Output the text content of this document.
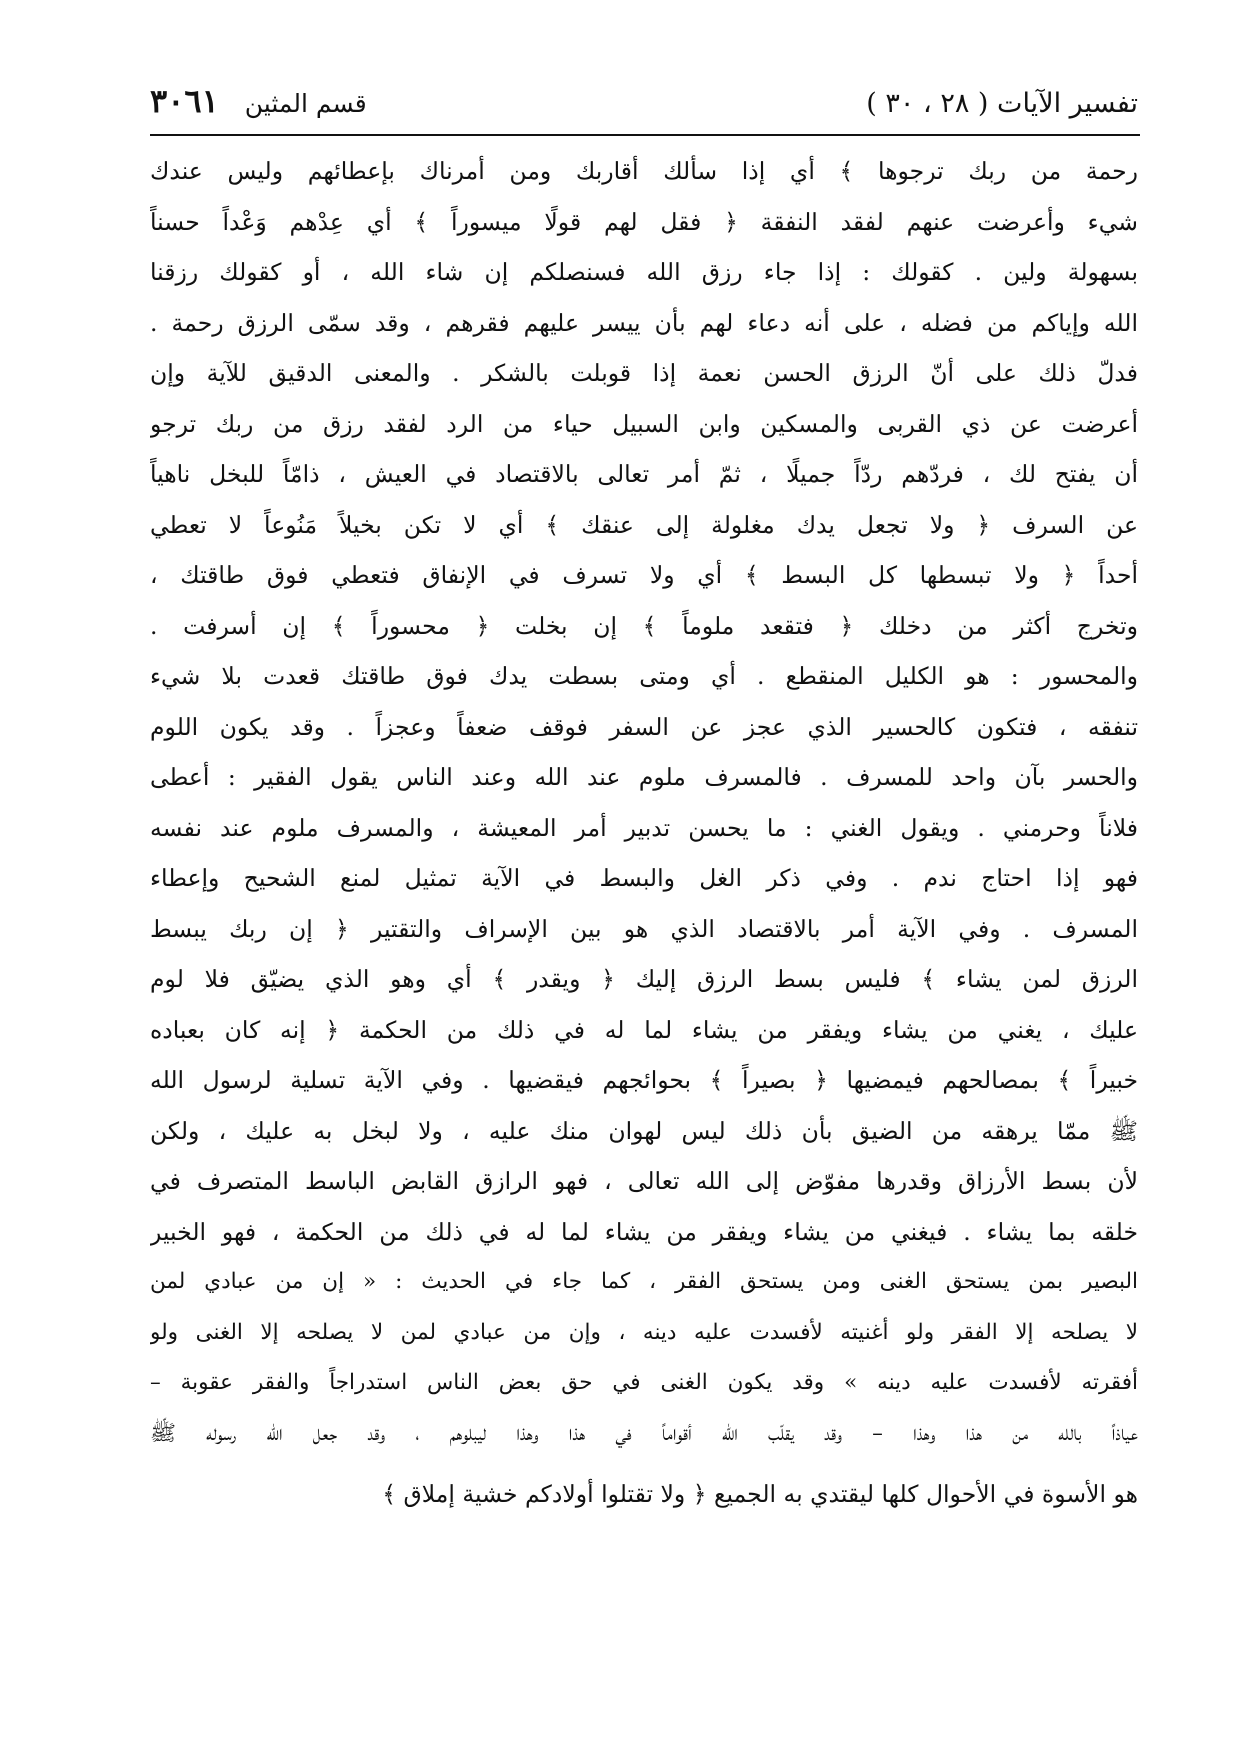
تفسير الآيات ( ٢٨ ، ٣٠ )
قسم المثين
٣٠٦١
رحمة من ربك ترجوها ﴾ أي إذا سألك أقاربك ومن أمرناك بإعطائهم وليس عندك
شيء وأعرضت عنهم لفقد النفقة ﴿ فقل لهم قولًا ميسوراً ﴾ أي عِدْهم وَعْداً حسناً
بسهولة ولين . كقولك : إذا جاء رزق الله فسنصلكم إن شاء الله ، أو كقولك رزقنا
الله وإياكم من فضله ، على أنه دعاء لهم بأن ييسر عليهم فقرهم ، وقد سمّى الرزق رحمة .
فدلّ ذلك على أنّ الرزق الحسن نعمة إذا قوبلت بالشكر . والمعنى الدقيق للآية وإن
أعرضت عن ذي القربى والمسكين وابن السبيل حياء من الرد لفقد رزق من ربك ترجو
أن يفتح لك ، فردّهم ردّاً جميلًا ، ثمّ أمر تعالى بالاقتصاد في العيش ، ذامّاً للبخل ناهياً
عن السرف ﴿ ولا تجعل يدك مغلولة إلى عنقك ﴾ أي لا تكن بخيلاً مَنُوعاً لا تعطي
أحداً ﴿ ولا تبسطها كل البسط ﴾ أي ولا تسرف في الإنفاق فتعطي فوق طاقتك ،
وتخرج أكثر من دخلك ﴿ فتقعد ملوماً ﴾ إن بخلت ﴿ محسوراً ﴾ إن أسرفت .
والمحسور : هو الكليل المنقطع . أي ومتى بسطت يدك فوق طاقتك قعدت بلا شيء
تنفقه ، فتكون كالحسير الذي عجز عن السفر فوقف ضعفاً وعجزاً . وقد يكون اللوم
والحسر بآن واحد للمسرف . فالمسرف ملوم عند الله وعند الناس يقول الفقير : أعطى
فلاناً وحرمني . ويقول الغني : ما يحسن تدبير أمر المعيشة ، والمسرف ملوم عند نفسه
فهو إذا احتاج ندم . وفي ذكر الغل والبسط في الآية تمثيل لمنع الشحيح وإعطاء
المسرف . وفي الآية أمر بالاقتصاد الذي هو بين الإسراف والتقتير ﴿ إن ربك يبسط
الرزق لمن يشاء ﴾ فليس بسط الرزق إليك ﴿ ويقدر ﴾ أي وهو الذي يضيّق فلا لوم
عليك ، يغني من يشاء ويفقر من يشاء لما له في ذلك من الحكمة ﴿ إنه كان بعباده
خبيراً ﴾ بمصالحهم فيمضيها ﴿ بصيراً ﴾ بحوائجهم فيقضيها . وفي الآية تسلية لرسول الله
ﷺ ممّا يرهقه من الضيق بأن ذلك ليس لهوان منك عليه ، ولا لبخل به عليك ، ولكن
لأن بسط الأرزاق وقدرها مفوّض إلى الله تعالى ، فهو الرازق القابض الباسط المتصرف في
خلقه بما يشاء . فيغني من يشاء ويفقر من يشاء لما له في ذلك من الحكمة ، فهو الخبير
البصير بمن يستحق الغنى ومن يستحق الفقر ، كما جاء في الحديث : « إن من عبادي لمن
لا يصلحه إلا الفقر ولو أغنيته لأفسدت عليه دينه ، وإن من عبادي لمن لا يصلحه إلا الغنى ولو
أفقرته لأفسدت عليه دينه » وقد يكون الغنى في حق بعض الناس استدراجاً والفقر عقوبة –
عياذاً بالله من هذا وهذا – وقد يقلّب الله أقواماً في هذا وهذا ليبلوهم ، وقد جعل الله رسوله ﷺ
هو الأسوة في الأحوال كلها ليقتدي به الجميع ﴿ ولا تقتلوا أولادكم خشية إملاق ﴾
